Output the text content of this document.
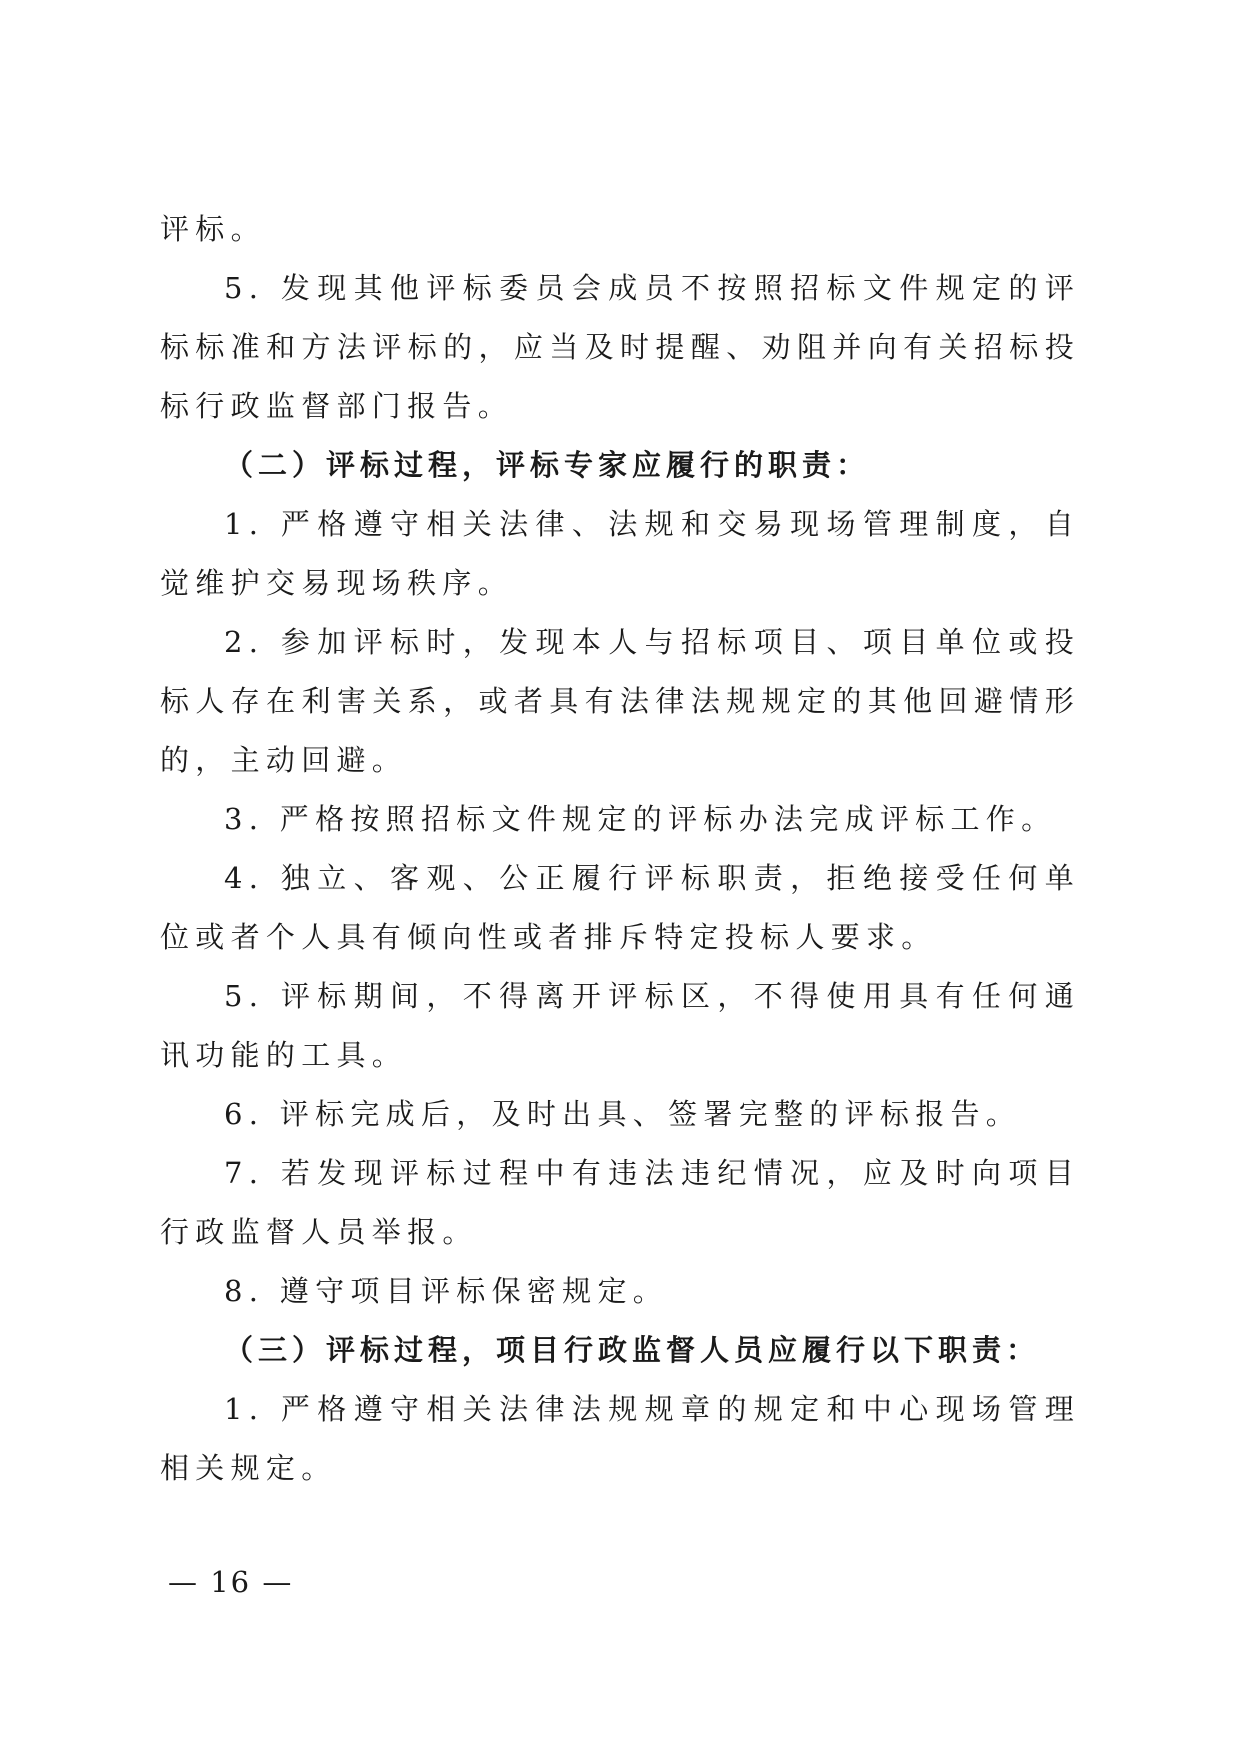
评标。

5. 发现其他评标委员会成员不按照招标文件规定的评标标准和方法评标的，应当及时提醒、劝阻并向有关招标投标行政监督部门报告。

（二）评标过程，评标专家应履行的职责：

1. 严格遵守相关法律、法规和交易现场管理制度，自觉维护交易现场秩序。

2. 参加评标时，发现本人与招标项目、项目单位或投标人存在利害关系，或者具有法律法规规定的其他回避情形的，主动回避。

3. 严格按照招标文件规定的评标办法完成评标工作。

4. 独立、客观、公正履行评标职责，拒绝接受任何单位或者个人具有倾向性或者排斥特定投标人要求。

5. 评标期间，不得离开评标区，不得使用具有任何通讯功能的工具。

6. 评标完成后，及时出具、签署完整的评标报告。

7. 若发现评标过程中有违法违纪情况，应及时向项目行政监督人员举报。

8. 遵守项目评标保密规定。

（三）评标过程，项目行政监督人员应履行以下职责：

1. 严格遵守相关法律法规规章的规定和中心现场管理相关规定。

— 16 —
